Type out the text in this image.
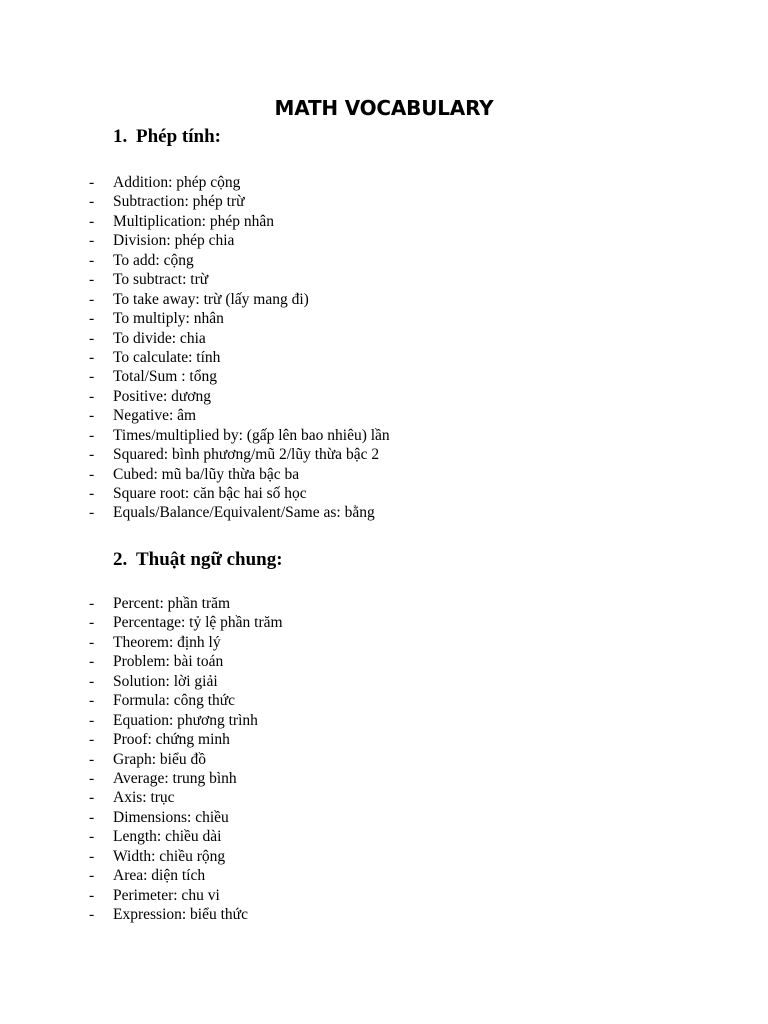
MATH VOCABULARY
1. Phép tính:
- Addition: phép cộng
- Subtraction: phép trừ
- Multiplication: phép nhân
- Division: phép chia
- To add: cộng
- To subtract: trừ
- To take away: trừ (lấy mang đi)
- To multiply: nhân
- To divide: chia
- To calculate: tính
- Total/Sum : tổng
- Positive: dương
- Negative: âm
- Times/multiplied by: (gấp lên bao nhiêu) lần
- Squared: bình phương/mũ 2/lũy thừa bậc 2
- Cubed: mũ ba/lũy thừa bậc ba
- Square root: căn bậc hai số học
- Equals/Balance/Equivalent/Same as: bằng
2. Thuật ngữ chung:
- Percent: phần trăm
- Percentage: tỷ lệ phần trăm
- Theorem: định lý
- Problem: bài toán
- Solution: lời giải
- Formula: công thức
- Equation: phương trình
- Proof: chứng minh
- Graph: biểu đồ
- Average: trung bình
- Axis: trục
- Dimensions: chiều
- Length: chiều dài
- Width: chiều rộng
- Area: diện tích
- Perimeter: chu vi
- Expression: biểu thức
